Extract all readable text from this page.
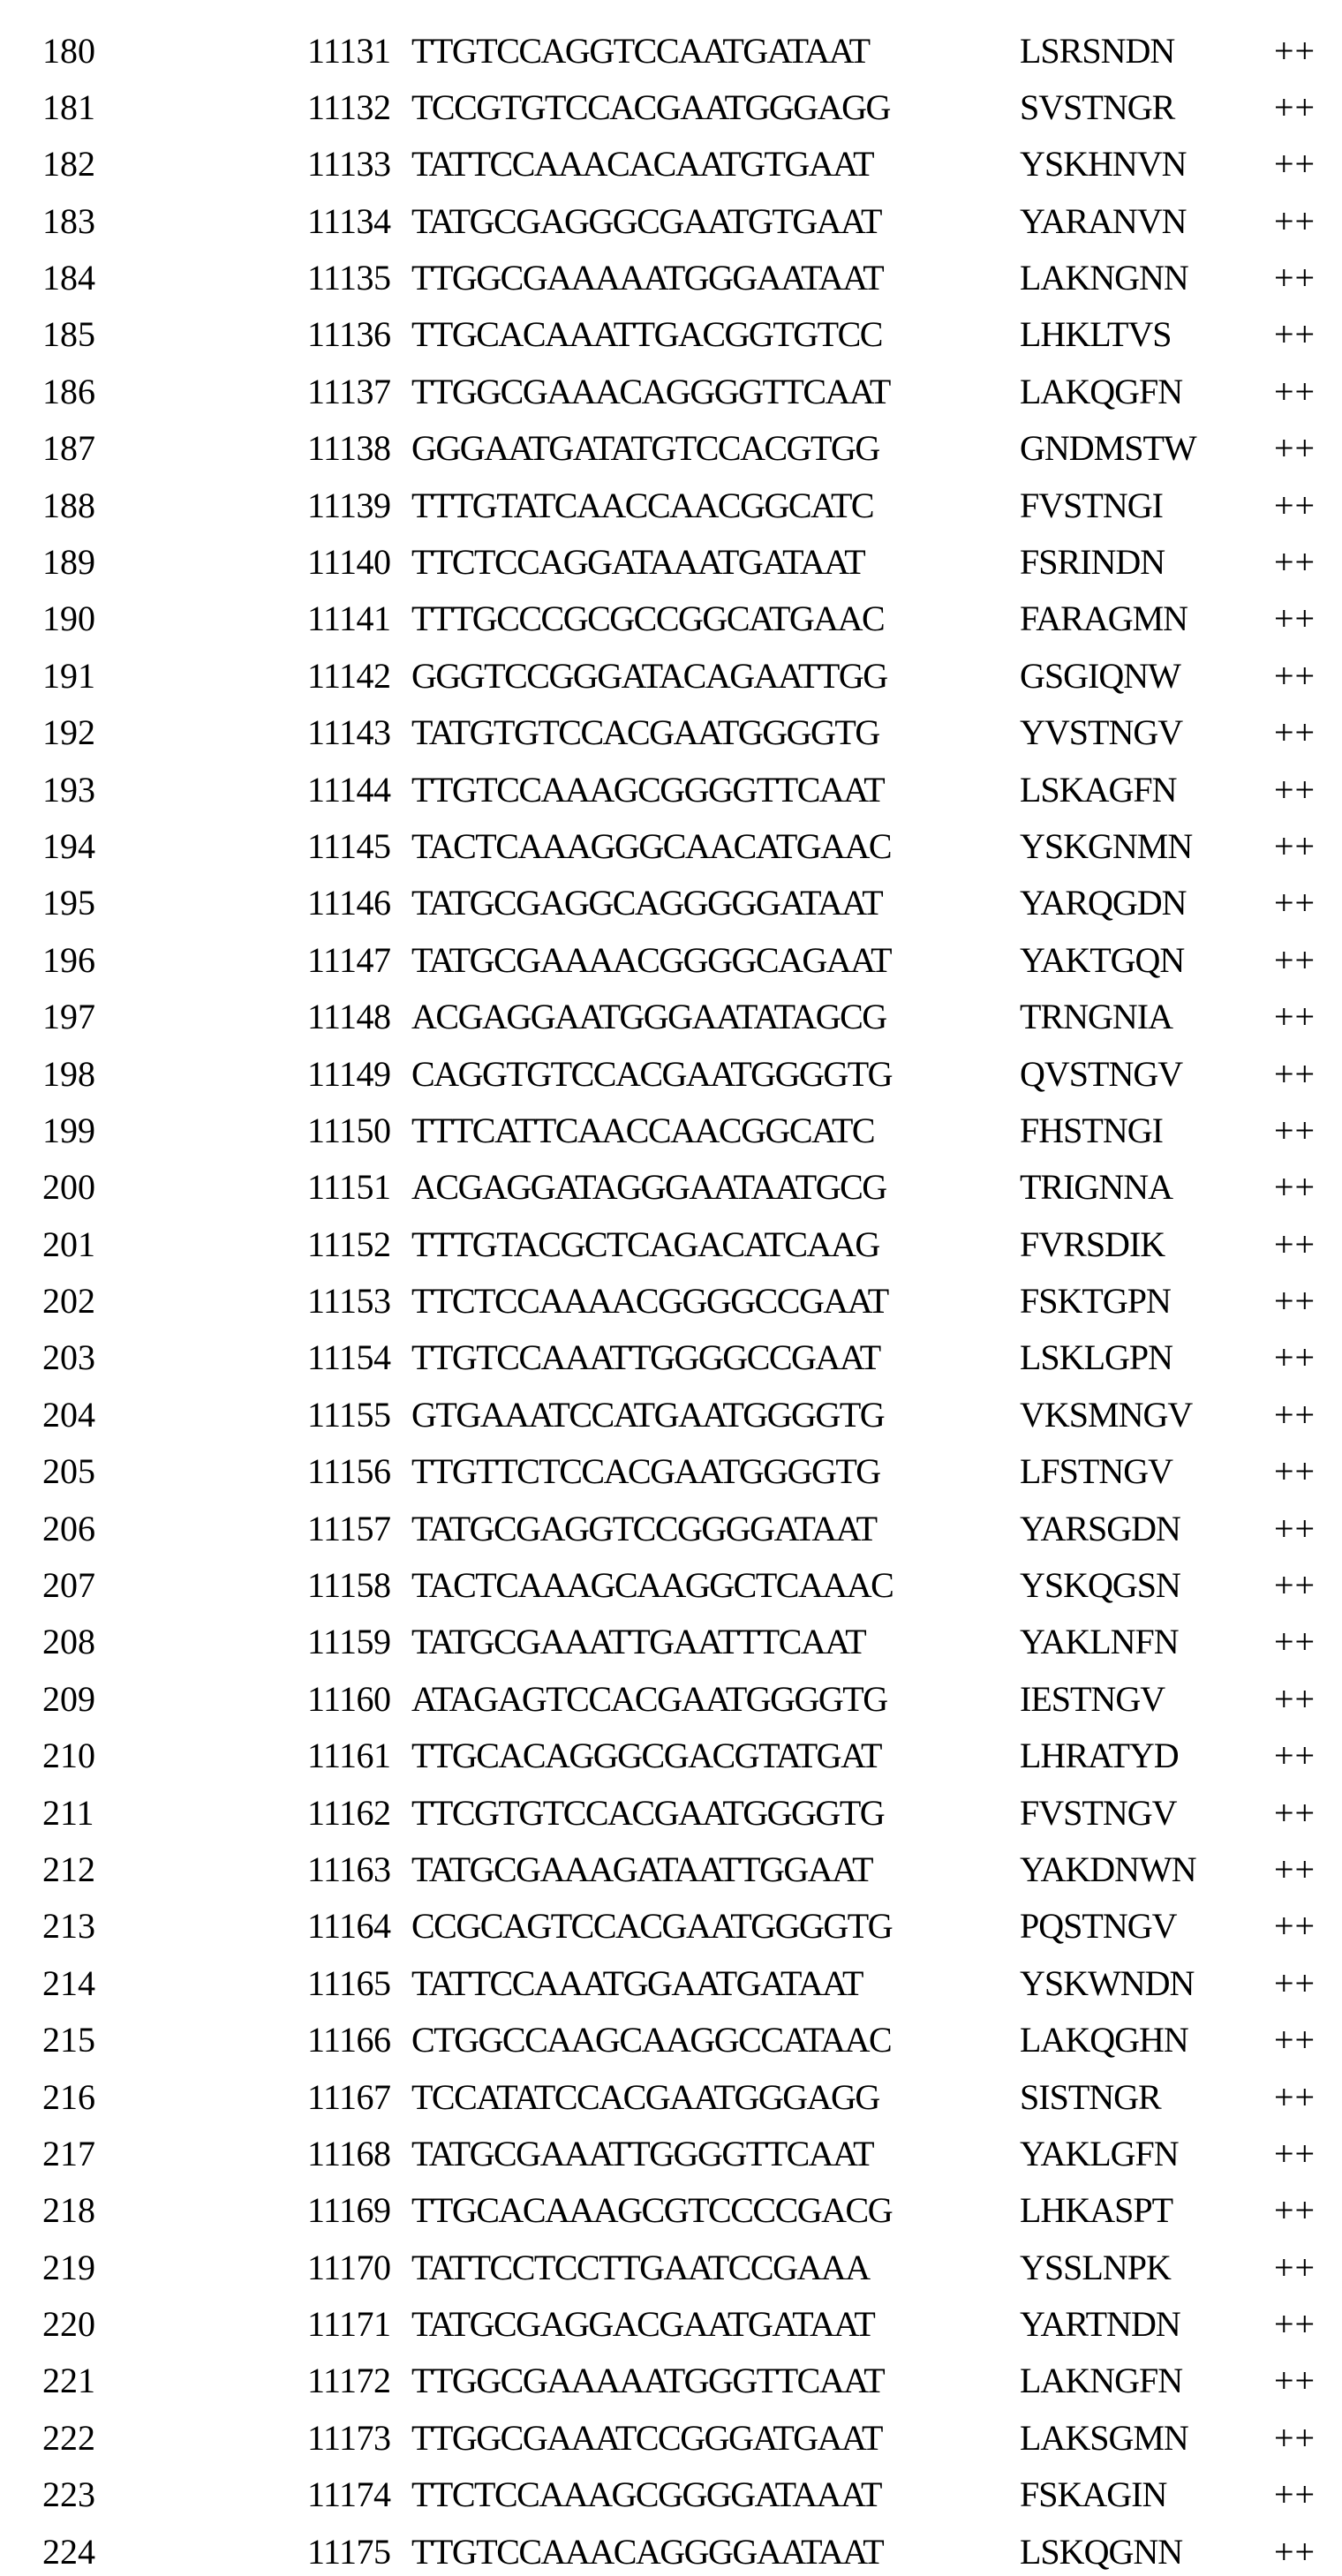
180	11131 TTGTCCAGGTCCAATGATAAT	LSRSNDN	++
181	11132 TCCGTGTCCACGAATGGGAGG	SVSTNGR	++
182	11133 TATTCCAAACACAATGTGAAT	YSKHNVN ++
183	11134 TATGCGAGGGCGAATGTGAAT	YARANVN ++
184	11135 TTGGCGAAAAATGGGAATAAT	LAKNGNN ++
185	11136 TTGCACAAATTGACGGTGTCC	LHKLTVS	++
186	11137 TTGGCGAAACAGGGGTTCAAT	LAKQGFN	++
187	11138 GGGAATGATATGTCCACGTGG	GNDMSTW ++
188	11139 TTTGTATCAACCAACGGCATC	FVSTNGI	++
189	11140 TTCTCCAGGATAAATGATAAT	FSRINDN	++
190	11141 TTTGCCCGCGCCGGCATGAAC	FARAGMN ++
191	11142 GGGTCCGGGATACAGAATTGG	GSGIQNW	++
192	11143 TATGTGTCCACGAATGGGGTG	YVSTNGV	++
193	11144 TTGTCCAAAGCGGGGTTCAAT	LSKAGFN	++
194	11145 TACTCAAAGGGCAACATGAAC	YSKGNMN ++
195	11146 TATGCGAGGCAGGGGGATAAT	YARQGDN ++
196	11147 TATGCGAAAACGGGGCAGAAT	YAKTGQN	++
197	11148 ACGAGGAATGGGAATATAGCG	TRNGNIA	++
198	11149 CAGGTGTCCACGAATGGGGTG	QVSTNGV	++
199	11150 TTTCATTCAACCAACGGCATC	FHSTNGI	++
200	11151 ACGAGGATAGGGAATAATGCG	TRIGNNA	++
201	11152 TTTGTACGCTCAGACATCAAG	FVRSDIK	++
202	11153 TTCTCCAAAACGGGGCCGAAT	FSKTGPN	++
203	11154 TTGTCCAAATTGGGGCCGAAT	LSKLGPN	++
204	11155 GTGAAATCCATGAATGGGGTG	VKSMNGV ++
205	11156 TTGTTCTCCACGAATGGGGTG	LFSTNGV	++
206	11157 TATGCGAGGTCCGGGGATAAT	YARSGDN	++
207	11158 TACTCAAAGCAAGGCTCAAAC	YSKQGSN	++
208	11159 TATGCGAAATTGAATTTCAAT	YAKLNFN	++
209	11160 ATAGAGTCCACGAATGGGGTG	IESTNGV	++
210	11161 TTGCACAGGGCGACGTATGAT	LHRATYD	++
211	11162 TTCGTGTCCACGAATGGGGTG	FVSTNGV	++
212	11163 TATGCGAAAGATAATTGGAAT	YAKDNWN ++
213	11164 CCGCAGTCCACGAATGGGGTG	PQSTNGV	++
214	11165 TATTCCAAATGGAATGATAAT	YSKWNDN ++
215	11166 CTGGCCAAGCAAGGCCATAAC	LAKQGHN ++
216	11167 TCCATATCCACGAATGGGAGG	SISTNGR	++
217	11168 TATGCGAAATTGGGGTTCAAT	YAKLGFN	++
218	11169 TTGCACAAAGCGTCCCCGACG	LHKASPT	++
219	11170 TATTCCTCCTTGAATCCGAAA	YSSLNPK	++
220	11171 TATGCGAGGACGAATGATAAT	YARTNDN	++
221	11172 TTGGCGAAAAATGGGTTCAAT	LAKNGFN	++
222	11173 TTGGCGAAATCCGGGATGAAT	LAKSGMN ++
223	11174 TTCTCCAAAGCGGGGATAAAT	FSKAGIN	++
224	11175 TTGTCCAAACAGGGGAATAAT	LSKQGNN	++
